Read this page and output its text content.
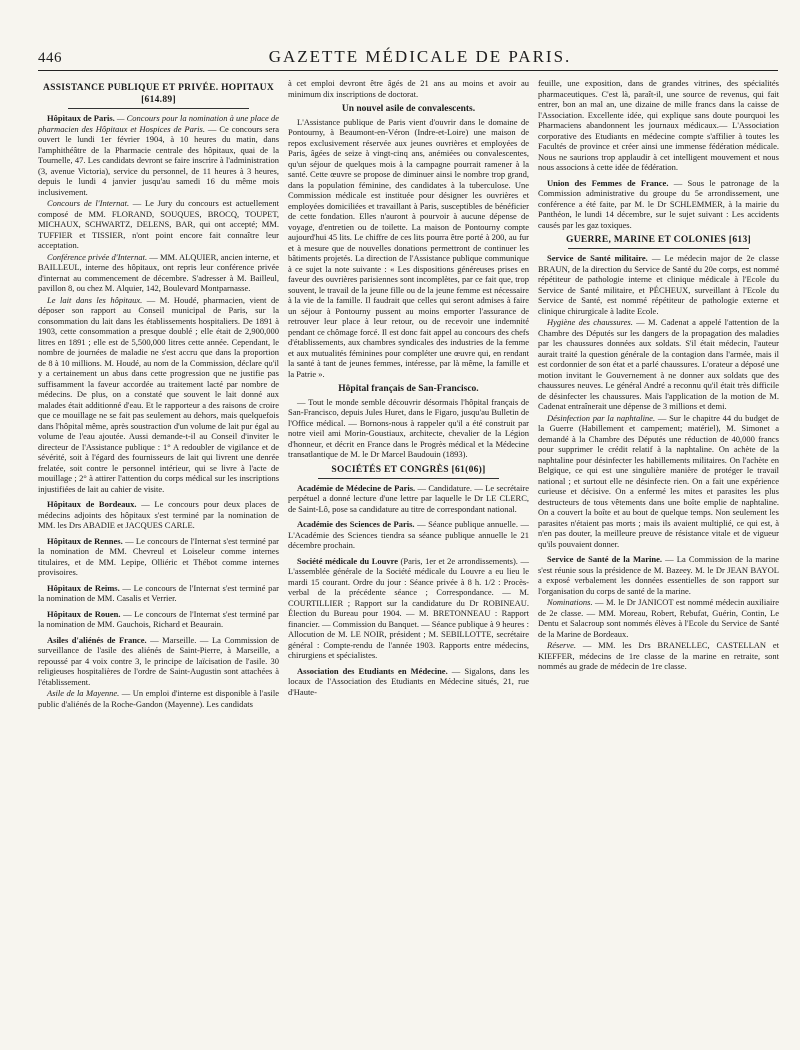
446	GAZETTE MÉDICALE DE PARIS.
ASSISTANCE PUBLIQUE ET PRIVÉE. HOPITAUX [614.89]

Hôpitaux de Paris. — Concours pour la nomination à une place de pharmacien des Hôpitaux et Hospices de Paris. — Ce concours sera ouvert le lundi 1er février 1904, à 10 heures du matin, dans l'amphithéâtre de la Pharmacie centrale des hôpitaux, quai de la Tournelle, 47. Les candidats devront se faire inscrire à l'administration (3, avenue Victoria), service du personnel, de 11 heures à 3 heures, depuis le lundi 4 janvier jusqu'au samedi 16 du même mois inclusivement.

Concours de l'Internat. — Le Jury du concours est actuellement composé de MM. FLORAND, SOUQUES, BROCQ, TOUPET, MICHAUX, SCHWARTZ, DELENS, BAR, qui ont accepté; MM. TUFFIER et TISSIER, n'ont point encore fait connaître leur acceptation.

Conférence privée d'Internat. — MM. ALQUIER, ancien interne, et BAILLEUL, interne des hôpitaux, ont repris leur conférence privée d'internat au commencement de décembre. S'adresser à M. Bailleul, pavillon 8, ou chez M. Alquier, 142, Boulevard Montparnasse.

Le lait dans les hôpitaux. — M. Houdé, pharmacien, vient de déposer son rapport au Conseil municipal de Paris, sur la consommation du lait dans les établissements hospitaliers. De 1891 à 1903, cette consommation a presque doublé ; elle était de 2,900,000 litres en 1891 ; elle est de 5,500,000 litres cette année. Cependant, le nombre de journées de maladie ne s'est accru que dans la proportion de 8 à 10 millions. M. Houdé, au nom de la Commission, déclare qu'il y a certainement un abus dans cette progression que ne justifie pas suffisamment la faveur accordée au traitement lacté par nombre de médecins. De plus, on a constaté que souvent le lait donné aux malades était additionné d'eau. Et le rapporteur a des raisons de croire que ce mouillage ne se fait pas seulement au dehors, mais quelquefois dans l'hôpital même, après soustraction d'un volume de lait pur égal au volume de l'eau ajoutée. Aussi demande-t-il au Conseil d'inviter le directeur de l'Assistance publique : 1° A redoubler de vigilance et de sévérité, soit à l'égard des fournisseurs de lait qui livrent une denrée frelatée, soit contre le personnel intérieur, qui se livre à l'acte de mouillage ; 2° à attirer l'attention du corps médical sur les inscriptions injustifiées de lait au cahier de visite.

Hôpitaux de Bordeaux. — Le concours pour deux places de médecins adjoints des hôpitaux s'est terminé par la nomination de MM. les Drs ABADIE et JACQUES CARLE.

Hôpitaux de Rennes. — Le concours de l'Internat s'est terminé par la nomination de MM. Chevreul et Loiseleur comme internes titulaires, et de MM. Lepipe, Olliéric et Thébot comme internes provisoires.

Hôpitaux de Reims. — Le concours de l'Internat s'est terminé par la nomination de MM. Casalis et Verrier.

Hôpitaux de Rouen. — Le concours de l'Internat s'est terminé par la nomination de MM. Gauchois, Richard et Beaurain.

Asiles d'aliénés de France. — Marseille. — La Commission de surveillance de l'asile des aliénés de Saint-Pierre, à Marseille, a repoussé par 4 voix contre 3, le principe de laïcisation de l'asile. 30 religieuses hospitalières de l'ordre de Saint-Augustin sont attachées à l'établissement.

Asile de la Mayenne. — Un emploi d'interne est disponible à l'asile public d'aliénés de la Roche-Gandon (Mayenne). Les candidats

à cet emploi devront être âgés de 21 ans au moins et avoir au minimum dix inscriptions de doctorat.

Un nouvel asile de convalescents.

L'Assistance publique de Paris vient d'ouvrir dans le domaine de Pontourny, à Beaumont-en-Véron (Indre-et-Loire) une maison de repos exclusivement réservée aux jeunes ouvrières et employées de Paris, âgées de seize à vingt-cinq ans, anémiées ou convalescentes, qu'un séjour de quelques mois à la campagne pourrait ramener à la santé. Cette œuvre se propose de diminuer ainsi le nombre trop grand, dans la population féminine, des candidates à la tuberculose. Une Commission médicale est instituée pour désigner les ouvrières et employées domiciliées et travaillant à Paris, susceptibles de bénéficier de cette fondation. Elles n'auront à pourvoir à aucune dépense de voyage, d'entretien ou de toilette. La maison de Pontourny compte aujourd'hui 45 lits. Le chiffre de ces lits pourra être porté à 200, au fur et à mesure que de nouvelles donations permettront de continuer les bâtiments projetés. La direction de l'Assistance publique communique à ce sujet la note suivante : « Les dispositions généreuses prises en faveur des ouvrières parisiennes sont incomplètes, par ce fait que, trop souvent, le travail de la jeune fille ou de la jeune femme est nécessaire à la vie de la famille. Il faudrait que celles qui seront admises à faire un séjour à Pontourny pussent au moins emporter l'assurance de retrouver leur place à leur retour, ou de recevoir une indemnité pendant ce chômage forcé. Il est donc fait appel au concours des chefs d'établissements, aux chambres syndicales des industries de la femme et aux mutualités féminines pour compléter une œuvre qui, en rendant la santé à tant de jeunes femmes, intéresse, par là même, la famille et la Patrie ».

Hôpital français de San-Francisco.

— Tout le monde semble découvrir désormais l'hôpital français de San-Francisco, depuis Jules Huret, dans le Figaro, jusqu'au Bulletin de l'Office médical. — Bornons-nous à rappeler qu'il a été construit par notre vieil ami Morin-Goustiaux, architecte, chevalier de la Légion d'honneur, et décrit en France dans le Progrès médical et la Médecine transatlantique de M. le Dr Marcel Baudouin (1893).

SOCIÉTÉS ET CONGRÈS [61(06)]

Académie de Médecine de Paris. — Candidature. — Le secrétaire perpétuel a donné lecture d'une lettre par laquelle le Dr LE CLERC, de Saint-Lô, pose sa candidature au titre de correspondant national.

Académie des Sciences de Paris. — Séance publique annuelle. — L'Académie des Sciences tiendra sa séance publique annuelle le 21 décembre prochain.

Société médicale du Louvre (Paris, 1er et 2e arrondissements). — L'assemblée générale de la Société médicale du Louvre a eu lieu le mardi 15 courant. Ordre du jour : Séance privée à 8 h. 1/2 : Procès-verbal de la précédente séance ; Correspondance. — M. COURTILLIER ; Rapport sur la candidature du Dr ROBINEAU. Élection du Bureau pour 1904. — M. BRETONNEAU : Rapport financier. — Commission du Banquet. — Séance publique à 9 heures : Allocution de M. LE NOIR, président ; M. SEBILLOTTE, secrétaire général : Compte-rendu de l'année 1903. Rapports entre médecins, chirurgiens et spécialistes.

Association des Etudiants en Médecine. — Sigalons, dans les locaux de l'Association des Etudiants en Médecine situés, 21, rue d'Haute-

feuille, une exposition, dans de grandes vitrines, des spécialités pharmaceutiques. C'est là, paraît-il, une source de revenus, qui fait entrer, bon an mal an, une dizaine de mille francs dans la caisse de l'Association. Excellente idée, qui explique sans doute pourquoi les Pharmaciens abandonnent les journaux médicaux.— L'Association corporative des Etudiants en médecine compte s'affilier à toutes les Facultés de province et créer ainsi une immense fédération médicale. Nous ne saurions trop applaudir à cet intelligent mouvement et nous nous associons à cette idée de fédération.

Union des Femmes de France. — Sous le patronage de la Commission administrative du groupe du 5e arrondissement, une conférence a été faite, par M. le Dr SCHLEMMER, à la mairie du Panthéon, le lundi 14 décembre, sur le sujet suivant : Les accidents causés par les gaz toxiques.

GUERRE, MARINE ET COLONIES [613]

Service de Santé militaire. — Le médecin major de 2e classe BRAUN, de la direction du Service de Santé du 20e corps, est nommé répétiteur de pathologie interne et clinique médicale à l'Ecole du Service de Santé militaire, et PÉCHEUX, surveillant à l'Ecole du Service de Santé, est nommé répétiteur de pathologie externe et clinique chirurgicale à ladite Ecole.

Hygiène des chaussures. — M. Cadenat a appelé l'attention de la Chambre des Députés sur les dangers de la propagation des maladies par les chaussures données aux soldats. S'il était médecin, l'auteur aurait traité la question générale de la contagion dans l'armée, mais il est cordonnier de son état et a parlé chaussures. L'orateur a déposé une motion invitant le Gouvernement à ne donner aux soldats que des chaussures neuves. Le général André a reconnu qu'il était très difficile de désinfecter les chaussures. Mais l'application de la motion de M. Cadenat entraînerait une dépense de 3 millions et demi.

Désinfection par la naphtaline. — Sur le chapitre 44 du budget de la Guerre (Habillement et campement; matériel), M. Simonet a demandé à la Chambre des Députés une réduction de 40,000 francs pour supprimer le crédit relatif à la naphtaline. On achète de la naphtaline pour désinfecter les habillements militaires. On l'achète en Belgique, ce qui est une singulière manière de protéger le travail national ; et surtout elle ne désinfecte rien. On a fait une expérience curieuse et décisive. On a enfermé les mites et parasites les plus destructeurs de tous vêtements dans une boîte emplie de naphtaline. On a couvert la boîte et au bout de quelque temps. Non seulement les parasites n'étaient pas morts ; mais ils avaient multiplié, ce qui est, à n'en pas douter, la meilleure preuve de résistance vitale et de vigueur qu'ils pouvaient donner.

Service de Santé de la Marine. — La Commission de la marine s'est réunie sous la présidence de M. Bazeey. M. le Dr JEAN BAYOL a exposé verbalement les données essentielles de son rapport sur l'organisation du corps de santé de la marine.

Nominations. — M. le Dr JANICOT est nommé médecin auxiliaire de 2e classe. — MM. Moreau, Robert, Rebufat, Guérin, Contin, Le Dentu et Salacroup sont nommés élèves à l'Ecole du Service de Santé de la Marine de Bordeaux.

Réserve. — MM. les Drs BRANELLEC, CASTELLAN et KIEFFER, médecins de 1re classe de la marine en retraite, sont nommés au grade de médecin de 1re classe.
